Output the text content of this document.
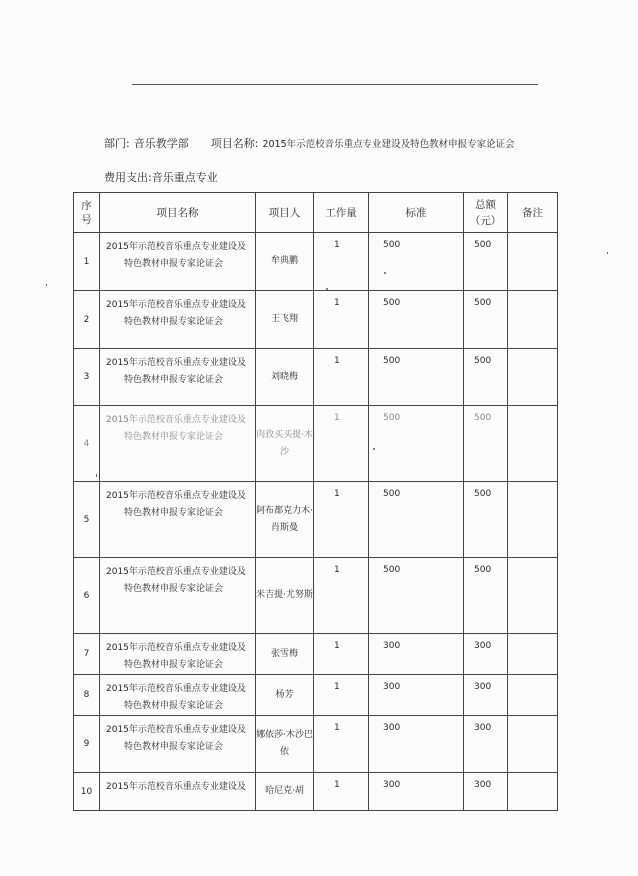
部门: 音乐教学部 项目名称: 2015年示范校音乐重点专业建设及特色教材申报专家论证会
费用支出:音乐重点专业
序号	项目名称	项目人	工作量	标准	总额（元）	备注
1	2015年示范校音乐重点专业建设及
特色教材申报专家论证会	牟典鹏	1	500	500	

2	2015年示范校音乐重点专业建设及
特色教材申报专家论证会	王飞翔	1	500	500	

3	2015年示范校音乐重点专业建设及
特色教材申报专家论证会	刘晓梅	1	500	500	

4	2015年示范校音乐重点专业建设及
特色教材申报专家论证会	肉孜买买提·木沙	1	500	500	

5	2015年示范校音乐重点专业建设及
特色教材申报专家论证会	阿布都克力木·肖斯曼	1	500	500	

6	2015年示范校音乐重点专业建设及
特色教材申报专家论证会	米吉提·尤努斯	1	500	500	

7	2015年示范校音乐重点专业建设及
特色教材申报专家论证会	张雪梅	1	300	300	

8	2015年示范校音乐重点专业建设及
特色教材申报专家论证会	杨芳	1	300	300	

9	2015年示范校音乐重点专业建设及
特色教材申报专家论证会	娜依莎·木沙巴依	1	300	300	

10	2015年示范校音乐重点专业建设及	哈尼克·胡	1	300	300	
